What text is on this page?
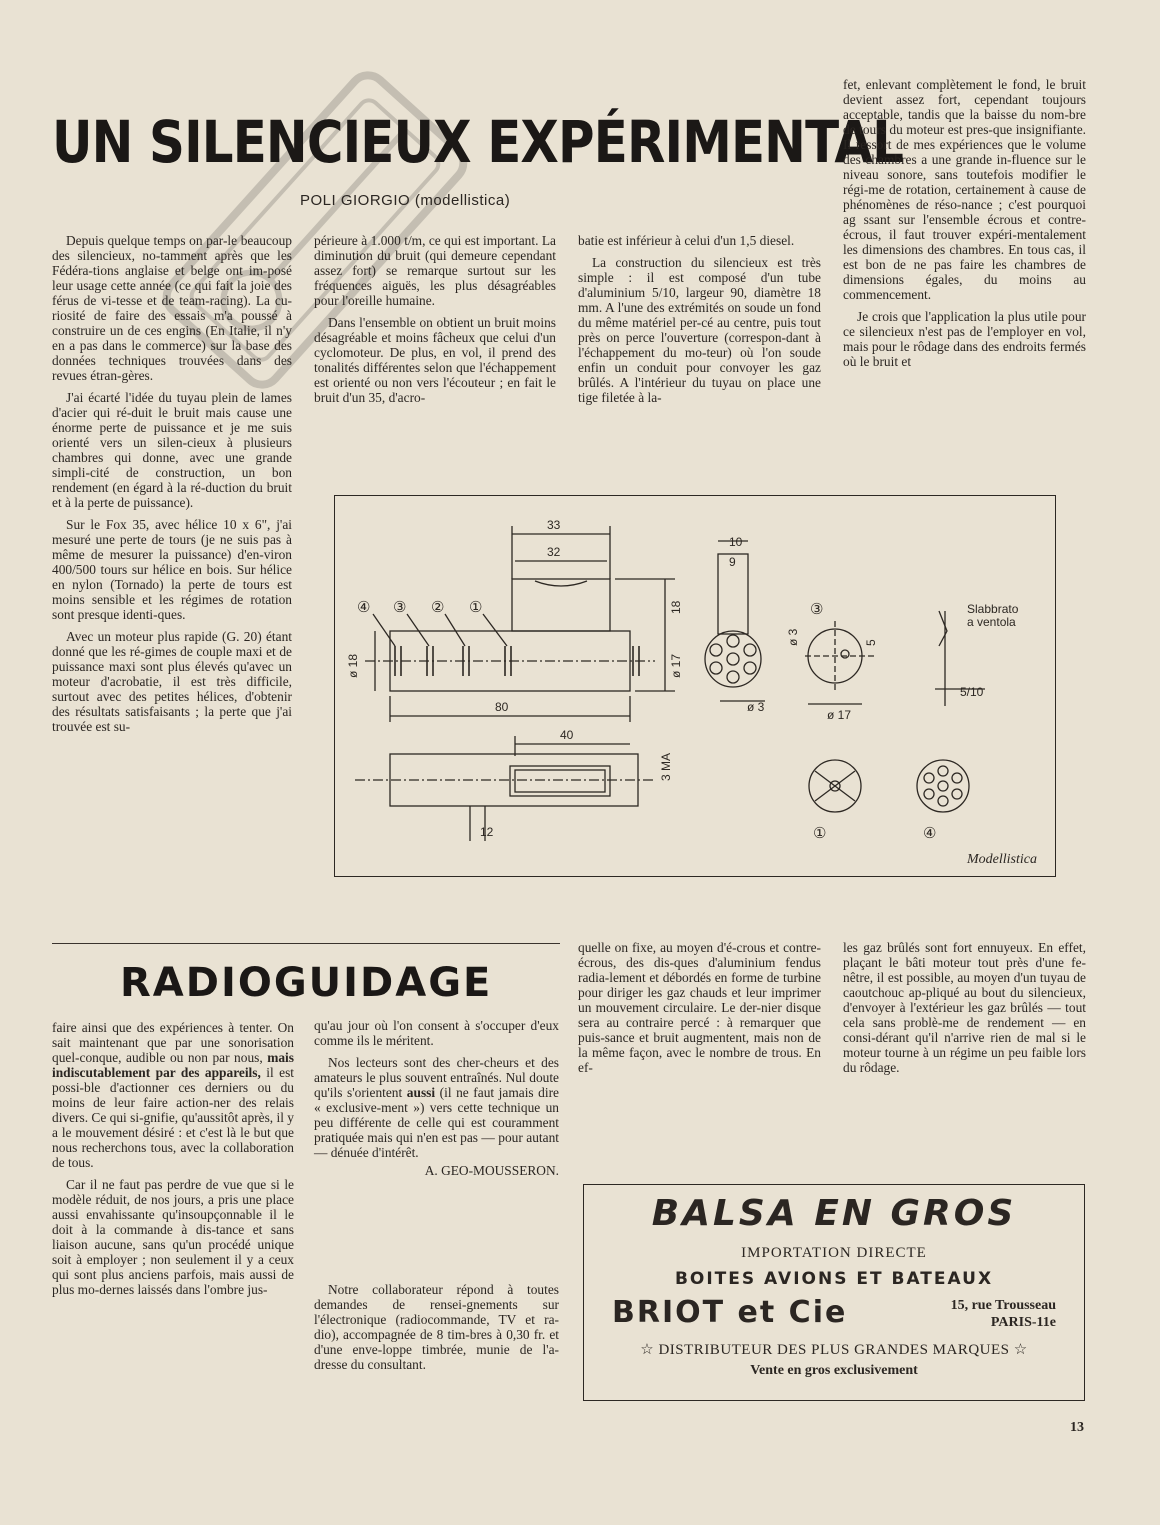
UN SILENCIEUX EXPÉRIMENTAL
POLI GIORGIO (modellistica)

Depuis quelque temps on par-le beaucoup des silencieux, no-tamment après que les Fédéra-tions anglaise et belge ont im-posé leur usage cette année (ce qui fait la joie des férus de vi-tesse et de team-racing). La cu-riosité de faire des essais m'a poussé à construire un de ces engins (En Italie, il n'y en a pas dans le commerce) sur la base des données techniques trouvées dans des revues étran-gères.

J'ai écarté l'idée du tuyau plein de lames d'acier qui ré-duit le bruit mais cause une énorme perte de puissance et je me suis orienté vers un silen-cieux à plusieurs chambres qui donne, avec une grande simpli-cité de construction, un bon rendement (en égard à la ré-duction du bruit et à la perte de puissance).

Sur le Fox 35, avec hélice 10 x 6", j'ai mesuré une perte de tours (je ne suis pas à même de mesurer la puissance) d'en-viron 400/500 tours sur hélice en bois. Sur hélice en nylon (Tornado) la perte de tours est moins sensible et les régimes de rotation sont presque identi-ques.

Avec un moteur plus rapide (G. 20) étant donné que les ré-gimes de couple maxi et de puissance maxi sont plus élevés qu'avec un moteur d'acrobatie, il est très difficile, surtout avec des petites hélices, d'obtenir des résultats satisfaisants ; la perte que j'ai trouvée est su-

périeure à 1.000 t/m, ce qui est important. La diminution du bruit (qui demeure cependant assez fort) se remarque surtout sur les fréquences aiguës, les plus désagréables pour l'oreille humaine.

Dans l'ensemble on obtient un bruit moins désagréable et moins fâcheux que celui d'un cyclomoteur. De plus, en vol, il prend des tonalités différentes selon que l'échappement est orienté ou non vers l'écouteur ; en fait le bruit d'un 35, d'acro-

batie est inférieur à celui d'un 1,5 diesel.

La construction du silencieux est très simple : il est composé d'un tube d'aluminium 5/10, largeur 90, diamètre 18 mm. A l'une des extrémités on soude un fond du même matériel per-cé au centre, puis tout près on perce l'ouverture (correspon-dant à l'échappement du mo-teur) où l'on soude enfin un conduit pour convoyer les gaz brûlés. A l'intérieur du tuyau on place une tige filetée à la-

fet, enlevant complètement le fond, le bruit devient assez fort, cependant toujours acceptable, tandis que la baisse du nom-bre de tours du moteur est pres-que insignifiante. Il ressort de mes expériences que le volume des chambres a une grande in-fluence sur le niveau sonore, sans toutefois modifier le régi-me de rotation, certainement à cause de phénomènes de réso-nance ; c'est pourquoi ag ssant sur l'ensemble écrous et contre-écrous, il faut trouver expéri-mentalement les dimensions des chambres. En tous cas, il est bon de ne pas faire les chambres de dimensions égales, du moins au commencement.

Je crois que l'application la plus utile pour ce silencieux n'est pas de l'employer en vol, mais pour le rôdage dans des endroits fermés où le bruit et

④ ③ ② ①
33
32
80
40
12
10
9
ø 3
ø 17
5/10
18
ø 17
ø 18
3 MA
ø 3	5
③	Slabbrato
a ventola
①	④
Modellistica

quelle on fixe, au moyen d'é-crous et contre-écrous, des dis-ques d'aluminium fendus radia-lement et débordés en forme de turbine pour diriger les gaz chauds et leur imprimer un mouvement circulaire. Le der-nier disque sera au contraire percé : à remarquer que puis-sance et bruit augmentent, mais non de la même façon, avec le nombre de trous. En ef-

les gaz brûlés sont fort ennuyeux. En effet, plaçant le bâti moteur tout près d'une fe-nêtre, il est possible, au moyen d'un tuyau de caoutchouc ap-pliqué au bout du silencieux, d'envoyer à l'extérieur les gaz brûlés — tout cela sans problè-me de rendement — en consi-dérant qu'il n'arrive rien de mal si le moteur tourne à un régime un peu faible lors du rôdage.

RADIOGUIDAGE

faire ainsi que des expériences à tenter. On sait maintenant que par une sonorisation quel-conque, audible ou non par nous, mais indiscutablement par des appareils, il est possi-ble d'actionner ces derniers ou du moins de leur faire action-ner des relais divers. Ce qui si-gnifie, qu'aussitôt après, il y a le mouvement désiré : et c'est là le but que nous recherchons tous, avec la collaboration de tous.

Car il ne faut pas perdre de vue que si le modèle réduit, de nos jours, a pris une place aussi envahissante qu'insoupçonnable il le doit à la commande à dis-tance et sans liaison aucune, sans qu'un procédé unique soit à employer ; non seulement il y a ceux qui sont plus anciens parfois, mais aussi de plus mo-dernes laissés dans l'ombre jus-

qu'au jour où l'on consent à s'occuper d'eux comme ils le méritent.

Nos lecteurs sont des cher-cheurs et des amateurs le plus souvent entraînés. Nul doute qu'ils s'orientent aussi (il ne faut jamais dire « exclusive-ment ») vers cette technique un peu différente de celle qui est couramment pratiquée mais qui n'en est pas — pour autant — dénuée d'intérêt.

A. GEO-MOUSSERON.

Notre collaborateur répond à toutes demandes de rensei-gnements sur l'électronique (radiocommande, TV et ra-dio), accompagnée de 8 tim-bres à 0,30 fr. et d'une enve-loppe timbrée, munie de l'a-dresse du consultant.

BALSA EN GROS
IMPORTATION DIRECTE
BOITES AVIONS ET BATEAUX
BRIOT et Cie	15, rue Trousseau
PARIS-11e
☆ DISTRIBUTEUR DES PLUS GRANDES MARQUES ☆
Vente en gros exclusivement
13
